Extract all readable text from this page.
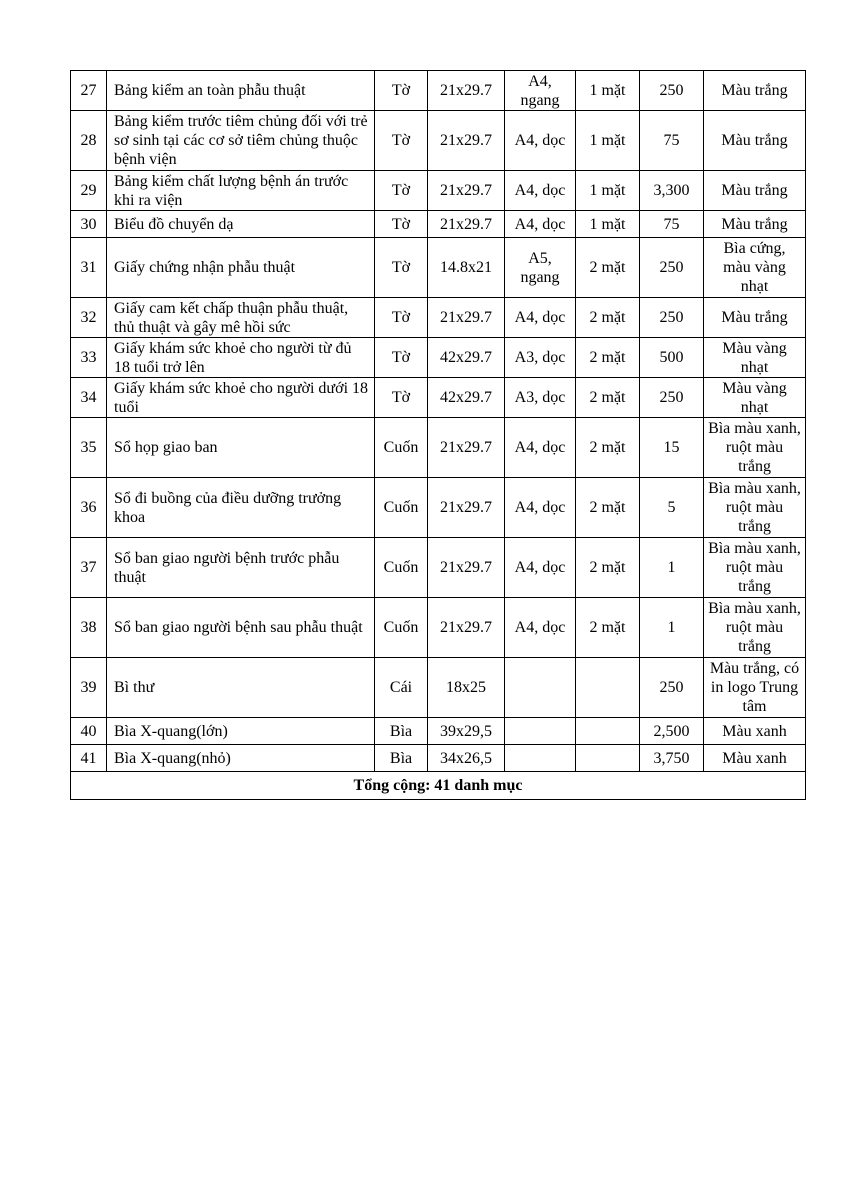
27	Bảng kiểm an toàn phẫu thuật	Tờ	21x29.7	A4, ngang	1 mặt	250	Màu trắng
28	Bảng kiểm trước tiêm chủng đối với trẻ sơ sinh tại các cơ sở tiêm chủng thuộc bệnh viện	Tờ	21x29.7	A4, dọc	1 mặt	75	Màu trắng
29	Bảng kiểm chất lượng bệnh án trước khi ra viện	Tờ	21x29.7	A4, dọc	1 mặt	3,300	Màu trắng
30	Biểu đồ chuyển dạ	Tờ	21x29.7	A4, dọc	1 mặt	75	Màu trắng
31	Giấy chứng nhận phẫu thuật	Tờ	14.8x21	A5, ngang	2 mặt	250	Bìa cứng, màu vàng nhạt
32	Giấy cam kết chấp thuận phẫu thuật, thủ thuật và gây mê hồi sức	Tờ	21x29.7	A4, dọc	2 mặt	250	Màu trắng
33	Giấy khám sức khoẻ cho người từ đủ 18 tuổi trở lên	Tờ	42x29.7	A3, dọc	2 mặt	500	Màu vàng nhạt
34	Giấy khám sức khoẻ cho người dưới 18 tuổi	Tờ	42x29.7	A3, dọc	2 mặt	250	Màu vàng nhạt
35	Sổ họp giao ban	Cuốn	21x29.7	A4, dọc	2 mặt	15	Bìa màu xanh, ruột màu trắng
36	Sổ đi buồng của điều dưỡng trưởng khoa	Cuốn	21x29.7	A4, dọc	2 mặt	5	Bìa màu xanh, ruột màu trắng
37	Sổ ban giao người bệnh trước phẫu thuật	Cuốn	21x29.7	A4, dọc	2 mặt	1	Bìa màu xanh, ruột màu trắng
38	Sổ ban giao người bệnh sau phẫu thuật	Cuốn	21x29.7	A4, dọc	2 mặt	1	Bìa màu xanh, ruột màu trắng
39	Bì thư	Cái	18x25			250	Màu trắng, có in logo Trung tâm
40	Bìa X-quang(lớn)	Bìa	39x29,5			2,500	Màu xanh
41	Bìa X-quang(nhỏ)	Bìa	34x26,5			3,750	Màu xanh
Tổng cộng: 41 danh mục							
